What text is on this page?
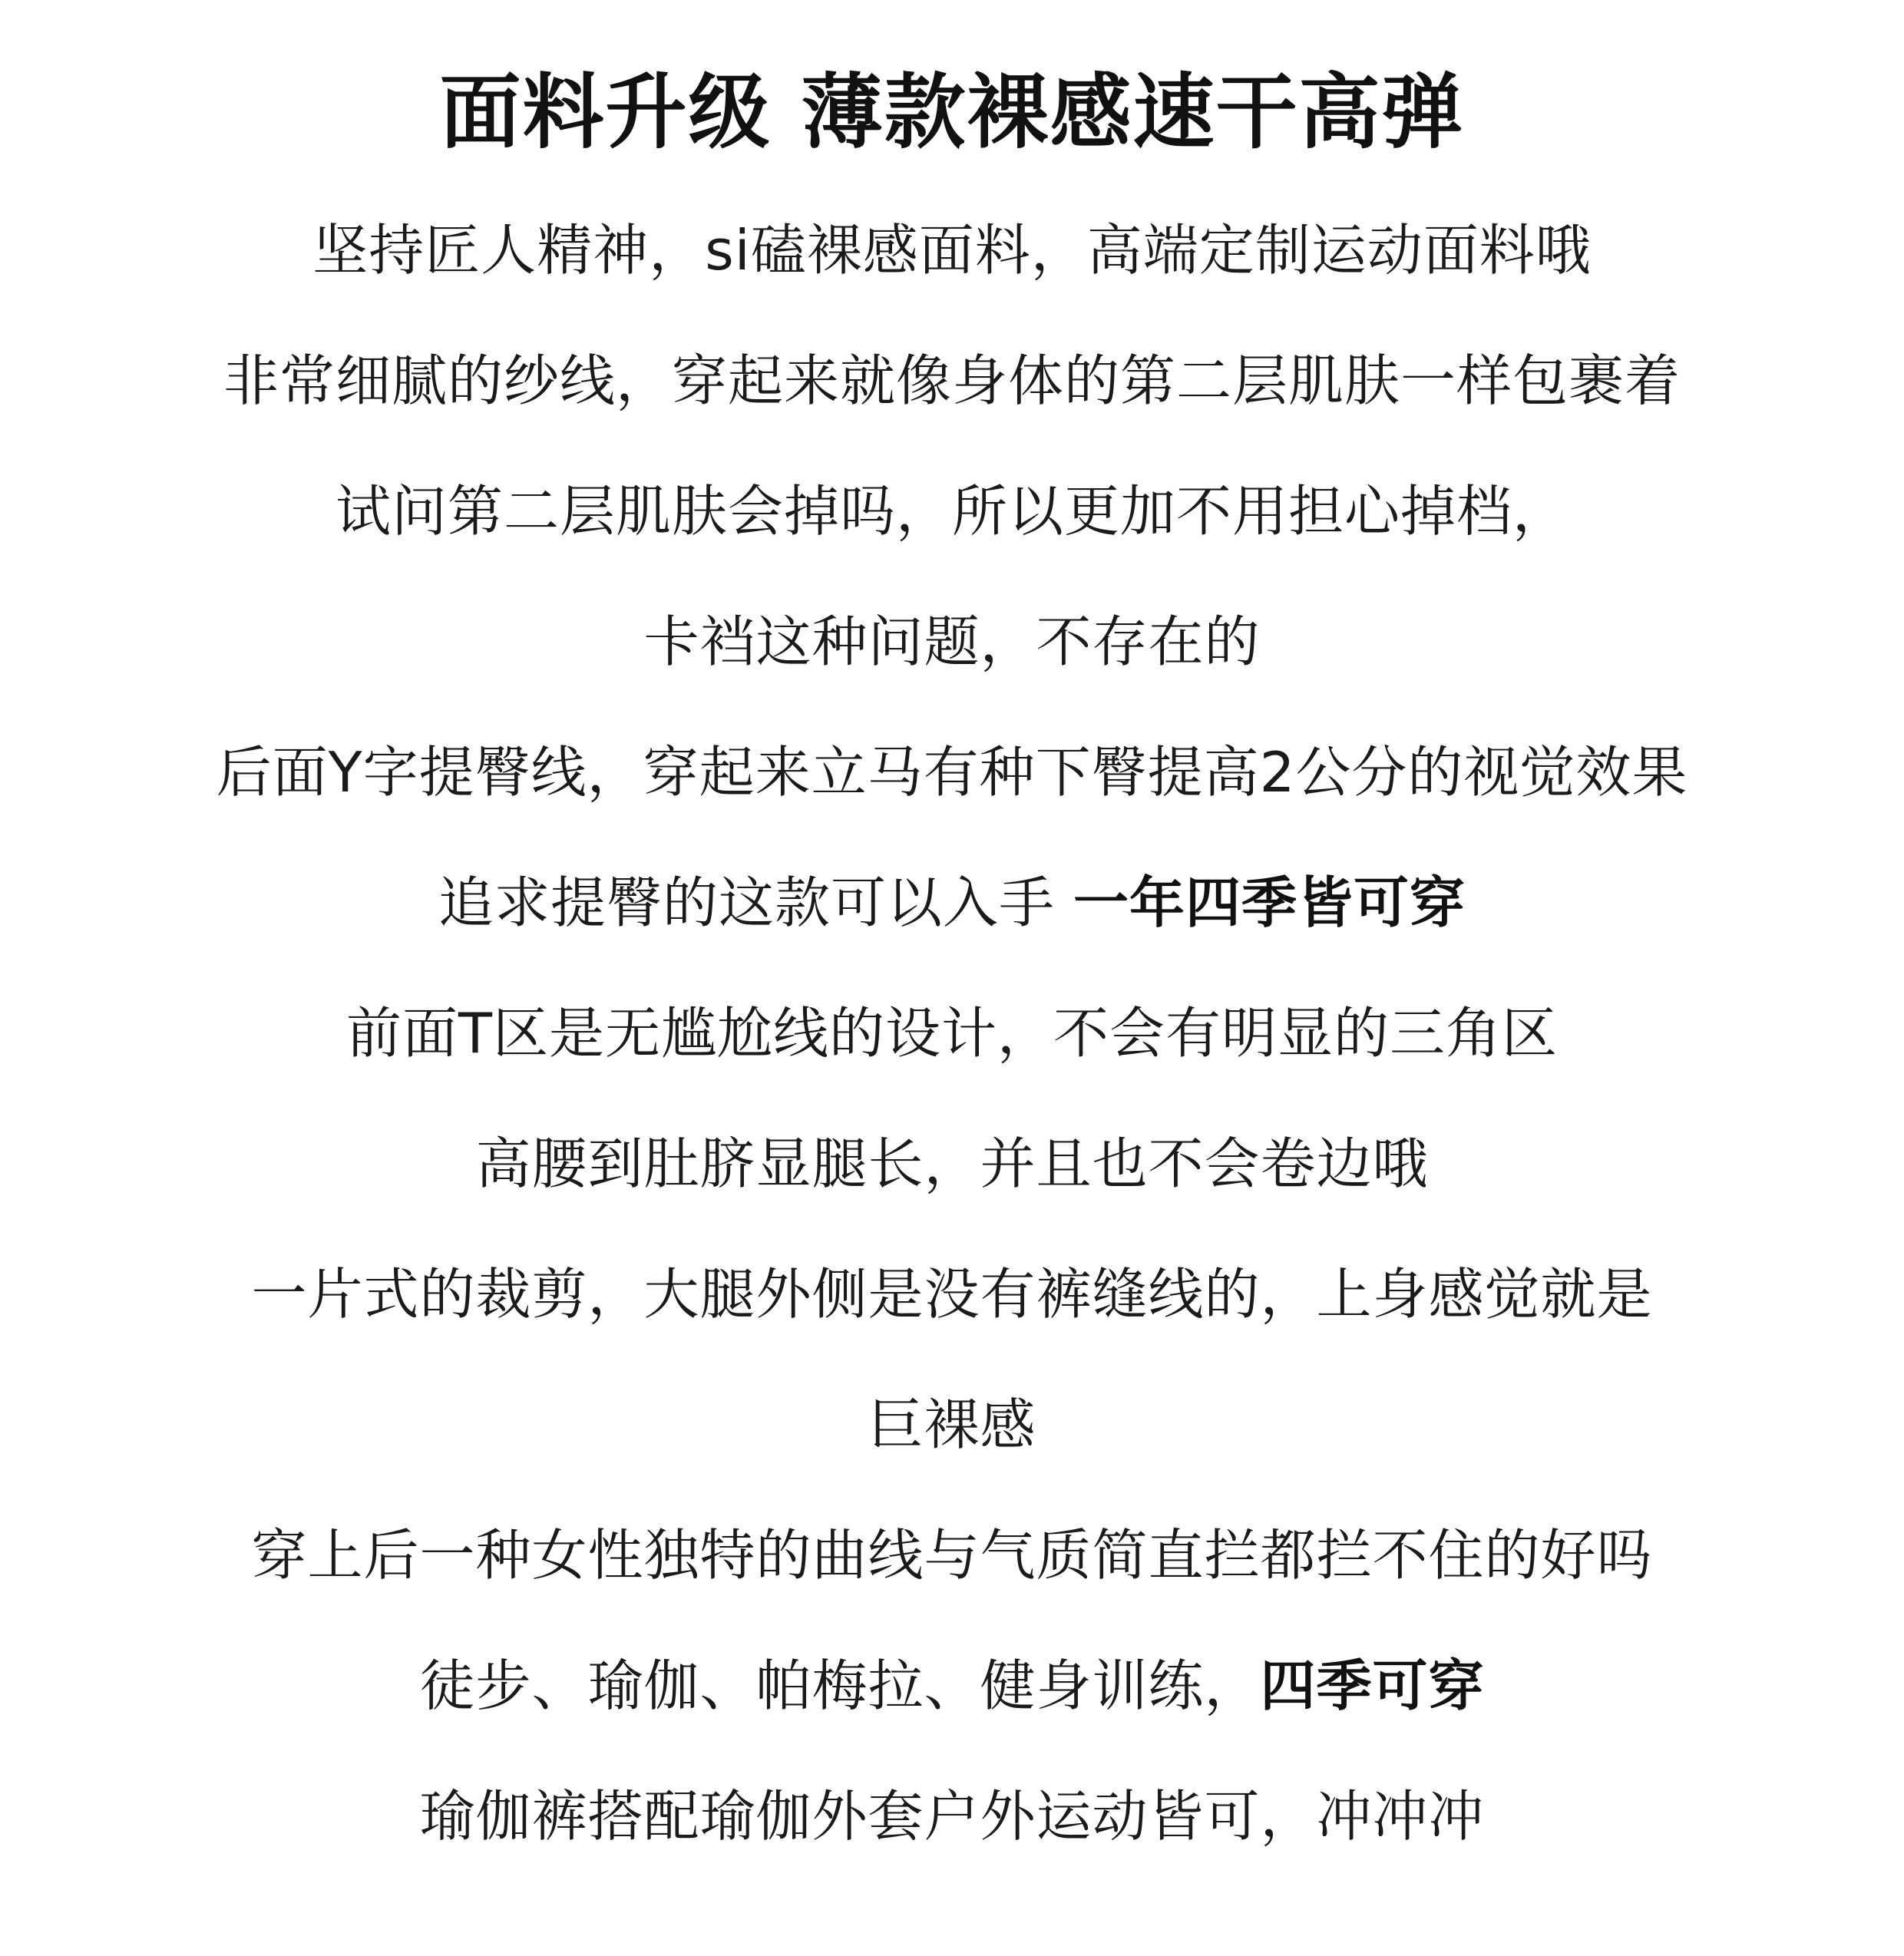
面料升级 薄款裸感速干高弹
坚持匠人精神，si磕裸感面料，高端定制运动面料哦
非常细腻的纱线，穿起来就像身体的第二层肌肤一样包裹着
试问第二层肌肤会掉吗，所以更加不用担心掉档，
卡裆这种问题，不存在的
后面Y字提臀线，穿起来立马有种下臀提高2公分的视觉效果
追求提臀的这款可以入手 一年四季皆可穿
前面T区是无尴尬线的设计，不会有明显的三角区
高腰到肚脐显腿长，并且也不会卷边哦
一片式的裁剪，大腿外侧是没有裤缝线的，上身感觉就是
巨裸感
穿上后一种女性独特的曲线与气质简直拦都拦不住的好吗
徒步、瑜伽、帕梅拉、健身训练，四季可穿
瑜伽裤搭配瑜伽外套户外运动皆可，冲冲冲
